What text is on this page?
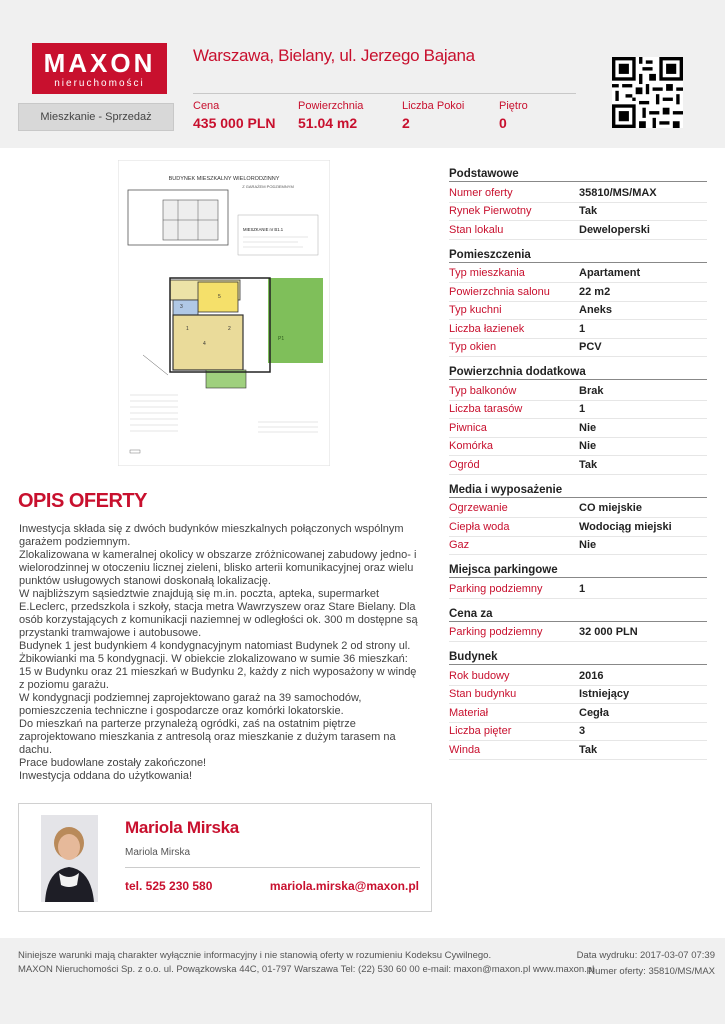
MAXON
nieruchomości
Warszawa, Bielany, ul. Jerzego Bajana
Mieszkanie - Sprzedaż
Cena
435 000 PLN
Powierzchnia
51.04 m2
Liczba Pokoi
2
Piętro
0
BUDYNEK MIESZKALNY WIELORODZINNY
Z GARAŻEM PODZIEMNYM
MIESZKANIE nr B1.1
P1
5
3
4
1	2
OPIS OFERTY

Inwestycja składa się z dwóch budynków mieszkalnych połączonych wspólnym garażem podziemnym.

Zlokalizowana w kameralnej okolicy w obszarze zróżnicowanej zabudowy jedno- i wielorodzinnej w otoczeniu licznej zieleni, blisko arterii komunikacyjnej oraz wielu punktów usługowych stanowi doskonałą lokalizację.

W najbliższym sąsiedztwie znajdują się m.in. poczta, apteka, supermarket E.Leclerc, przedszkola i szkoły, stacja metra Wawrzyszew oraz Stare Bielany. Dla osób korzystających z komunikacji naziemnej w odległości ok. 300 m dostępne są przystanki tramwajowe i autobusowe.

Budynek 1 jest budynkiem 4 kondygnacyjnym natomiast Budynek 2 od strony ul. Żbikowianki ma 5 kondygnacji. W obiekcie zlokalizowano w sumie 36 mieszkań: 15 w Budynku oraz 21 mieszkań w Budynku 2, każdy z nich wyposażony w windę z poziomu garażu.

W kondygnacji podziemnej zaprojektowano garaż na 39 samochodów, pomieszczenia techniczne i gospodarcze oraz komórki lokatorskie.

Do mieszkań na parterze przynależą ogródki, zaś na ostatnim piętrze zaprojektowano mieszkania z antresolą oraz mieszkanie z dużym tarasem na dachu.

Prace budowlane zostały zakończone!

Inwestycja oddana do użytkowania!

Mariola Mirska
Mariola Mirska
tel. 525 230 580	mariola.mirska@maxon.pl
Podstawowe
Numer oferty	35810/MS/MAX
Rynek Pierwotny	Tak
Stan lokalu	Deweloperski
Pomieszczenia
Typ mieszkania	Apartament
Powierzchnia salonu	22 m2
Typ kuchni	Aneks
Liczba łazienek	1
Typ okien	PCV
Powierzchnia dodatkowa
Typ balkonów	Brak
Liczba tarasów	1
Piwnica	Nie
Komórka	Nie
Ogród	Tak
Media i wyposażenie
Ogrzewanie	CO miejskie
Ciepła woda	Wodociąg miejski
Gaz	Nie
Miejsca parkingowe
Parking podziemny	1
Cena za
Parking podziemny	32 000 PLN
Budynek
Rok budowy	2016
Stan budynku	Istniejący
Materiał	Cegła
Liczba pięter	3
Winda	Tak
Niniejsze warunki mają charakter wyłącznie informacyjny i nie stanowią oferty w rozumieniu Kodeksu Cywilnego.
MAXON Nieruchomości Sp. z o.o. ul. Powązkowska 44C, 01-797 Warszawa Tel: (22) 530 60 00 e-mail: maxon@maxon.pl www.maxon.pl
Data wydruku: 2017-03-07 07:39
Numer oferty: 35810/MS/MAX
